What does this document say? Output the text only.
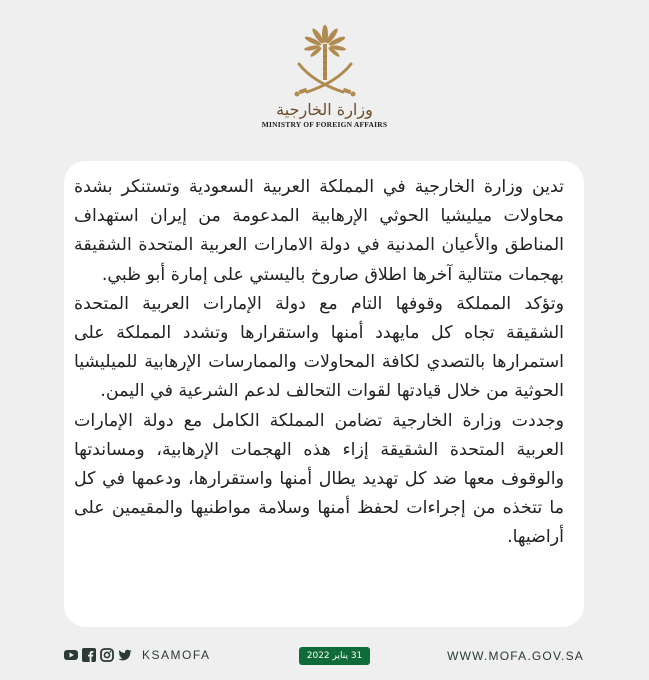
وزارة الخارجية
MINISTRY OF FOREIGN AFFAIRS

تدين وزارة الخارجية في المملكة العربية السعودية وتستنكر بشدة محاولات ميليشيا الحوثي الإرهابية المدعومة من إيران استهداف المناطق والأعيان المدنية في دولة الامارات العربية المتحدة الشقيقة بهجمات متتالية آخرها اطلاق صاروخ باليستي على إمارة أبو ظبي.

وتؤكد المملكة وقوفها التام مع دولة الإمارات العربية المتحدة الشقيقة تجاه كل مايهدد أمنها واستقرارها وتشدد المملكة على استمرارها بالتصدي لكافة المحاولات والممارسات الإرهابية للميليشيا الحوثية من خلال قيادتها لقوات التحالف لدعم الشرعية في اليمن.

وجددت وزارة الخارجية تضامن المملكة الكامل مع دولة الإمارات العربية المتحدة الشقيقة إزاء هذه الهجمات الإرهابية، ومساندتها والوقوف معها ضد كل تهديد يطال أمنها واستقرارها، ودعمها في كل ما تتخذه من إجراءات لحفظ أمنها وسلامة مواطنيها والمقيمين على أراضيها.

KSAMOFA	31 يناير 2022	WWW.MOFA.GOV.SA
